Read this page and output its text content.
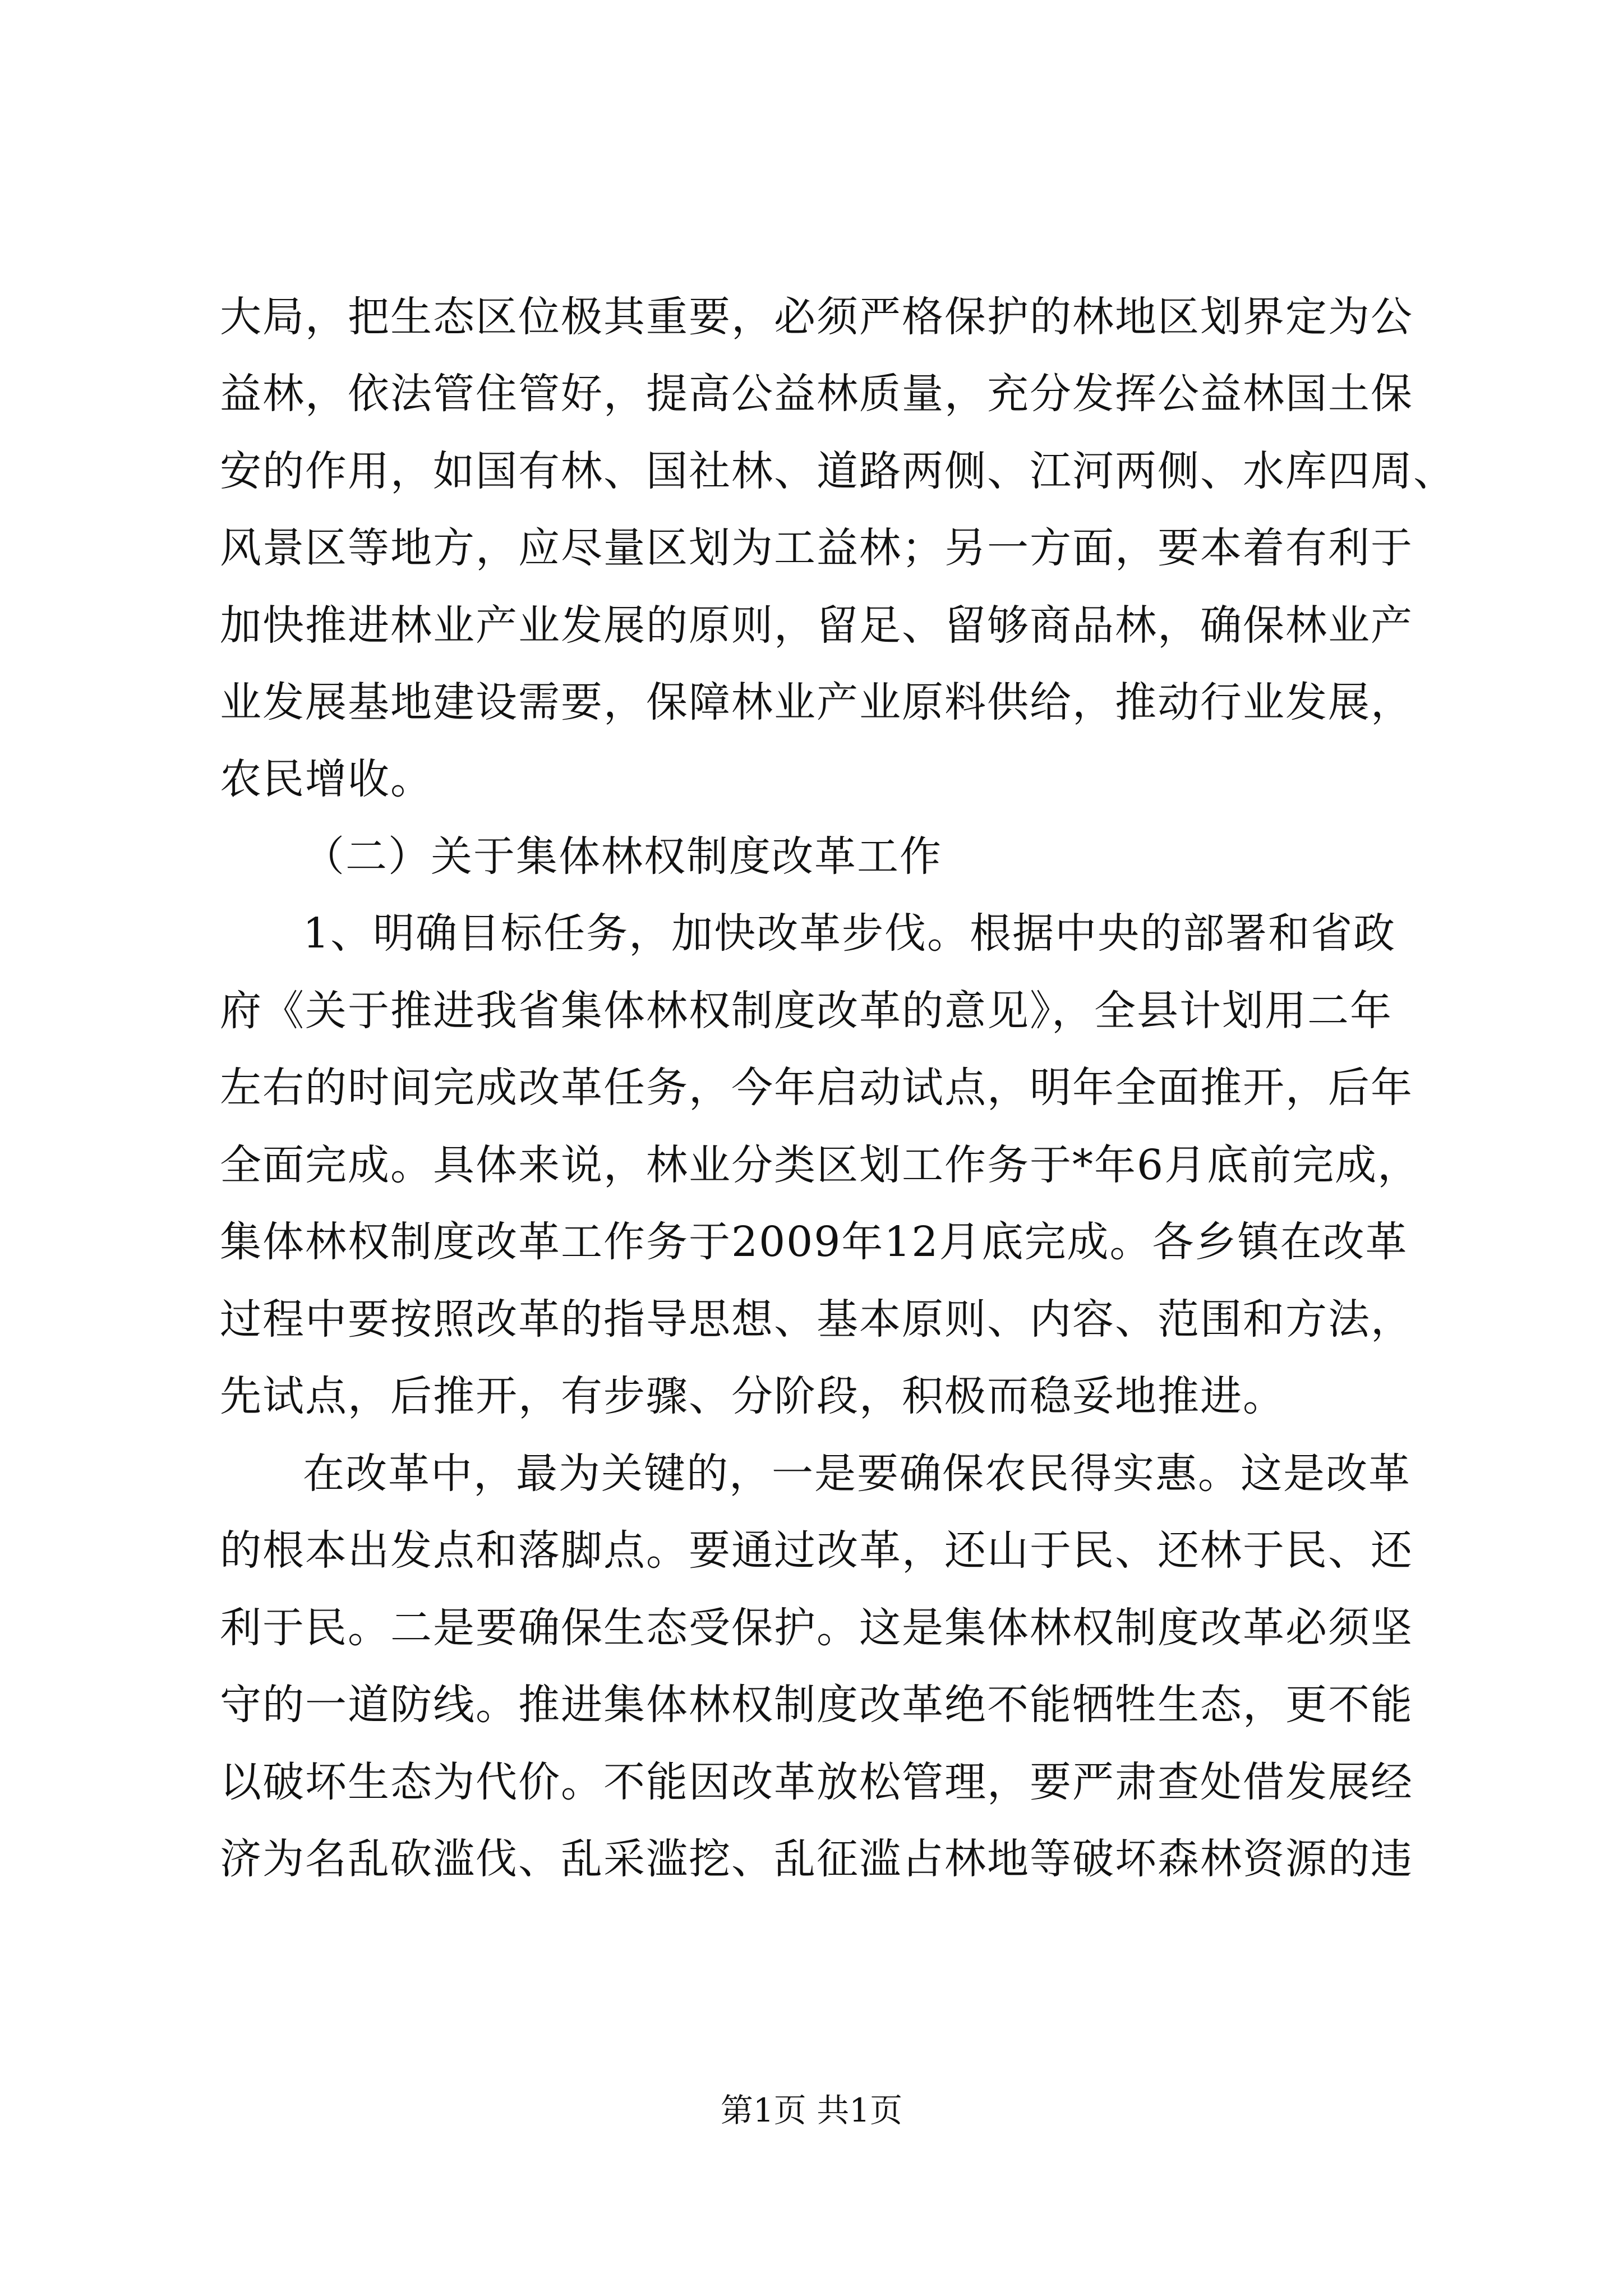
大局，把生态区位极其重要，必须严格保护的林地区划界定为公
益林，依法管住管好，提高公益林质量，充分发挥公益林国土保
安的作用，如国有林、国社林、道路两侧、江河两侧、水库四周、
风景区等地方，应尽量区划为工益林；另一方面，要本着有利于
加快推进林业产业发展的原则，留足、留够商品林，确保林业产
业发展基地建设需要，保障林业产业原料供给，推动行业发展，
农民增收。
（二）关于集体林权制度改革工作
1、明确目标任务，加快改革步伐。根据中央的部署和省政
府《关于推进我省集体林权制度改革的意见》，全县计划用二年
左右的时间完成改革任务，今年启动试点，明年全面推开，后年
全面完成。具体来说，林业分类区划工作务于*年6月底前完成，
集体林权制度改革工作务于2009年12月底完成。各乡镇在改革
过程中要按照改革的指导思想、基本原则、内容、范围和方法，
先试点，后推开，有步骤、分阶段，积极而稳妥地推进。
在改革中，最为关键的，一是要确保农民得实惠。这是改革
的根本出发点和落脚点。要通过改革，还山于民、还林于民、还
利于民。二是要确保生态受保护。这是集体林权制度改革必须坚
守的一道防线。推进集体林权制度改革绝不能牺牲生态，更不能
以破坏生态为代价。不能因改革放松管理，要严肃查处借发展经
济为名乱砍滥伐、乱采滥挖、乱征滥占林地等破坏森林资源的违
第1页 共1页
